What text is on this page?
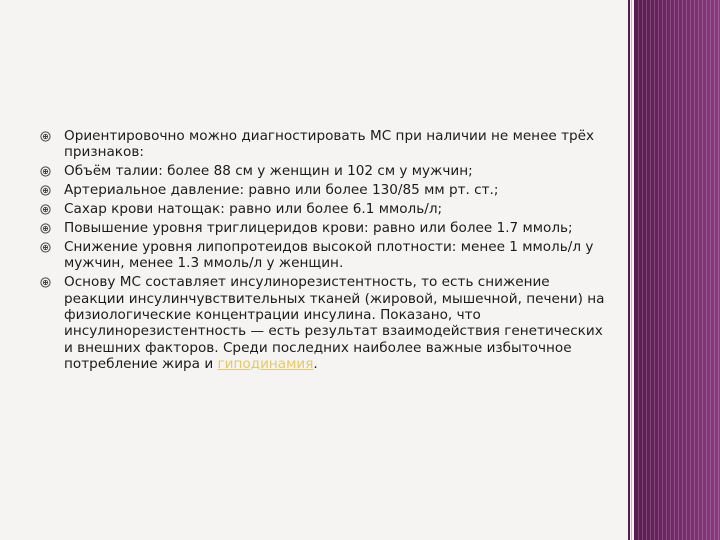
Ориентировочно можно диагностировать МС при наличии не менее трёх признаков:
Объём талии: более 88 см у женщин и 102 см у мужчин;
Артериальное давление: равно или более 130/85 мм рт. ст.;
Сахар крови натощак: равно или более 6.1 ммоль/л;
Повышение уровня триглицеридов крови: равно или более 1.7 ммоль;
Снижение уровня липопротеидов высокой плотности: менее 1 ммоль/л у мужчин, менее 1.3 ммоль/л у женщин.
Основу МС составляет инсулинорезистентность, то есть снижение реакции инсулинчувствительных тканей (жировой, мышечной, печени) на физиологические концентрации инсулина. Показано, что инсулинорезистентность — есть результат взаимодействия генетических и внешних факторов. Среди последних наиболее важные избыточное потребление жира и гиподинамия.
